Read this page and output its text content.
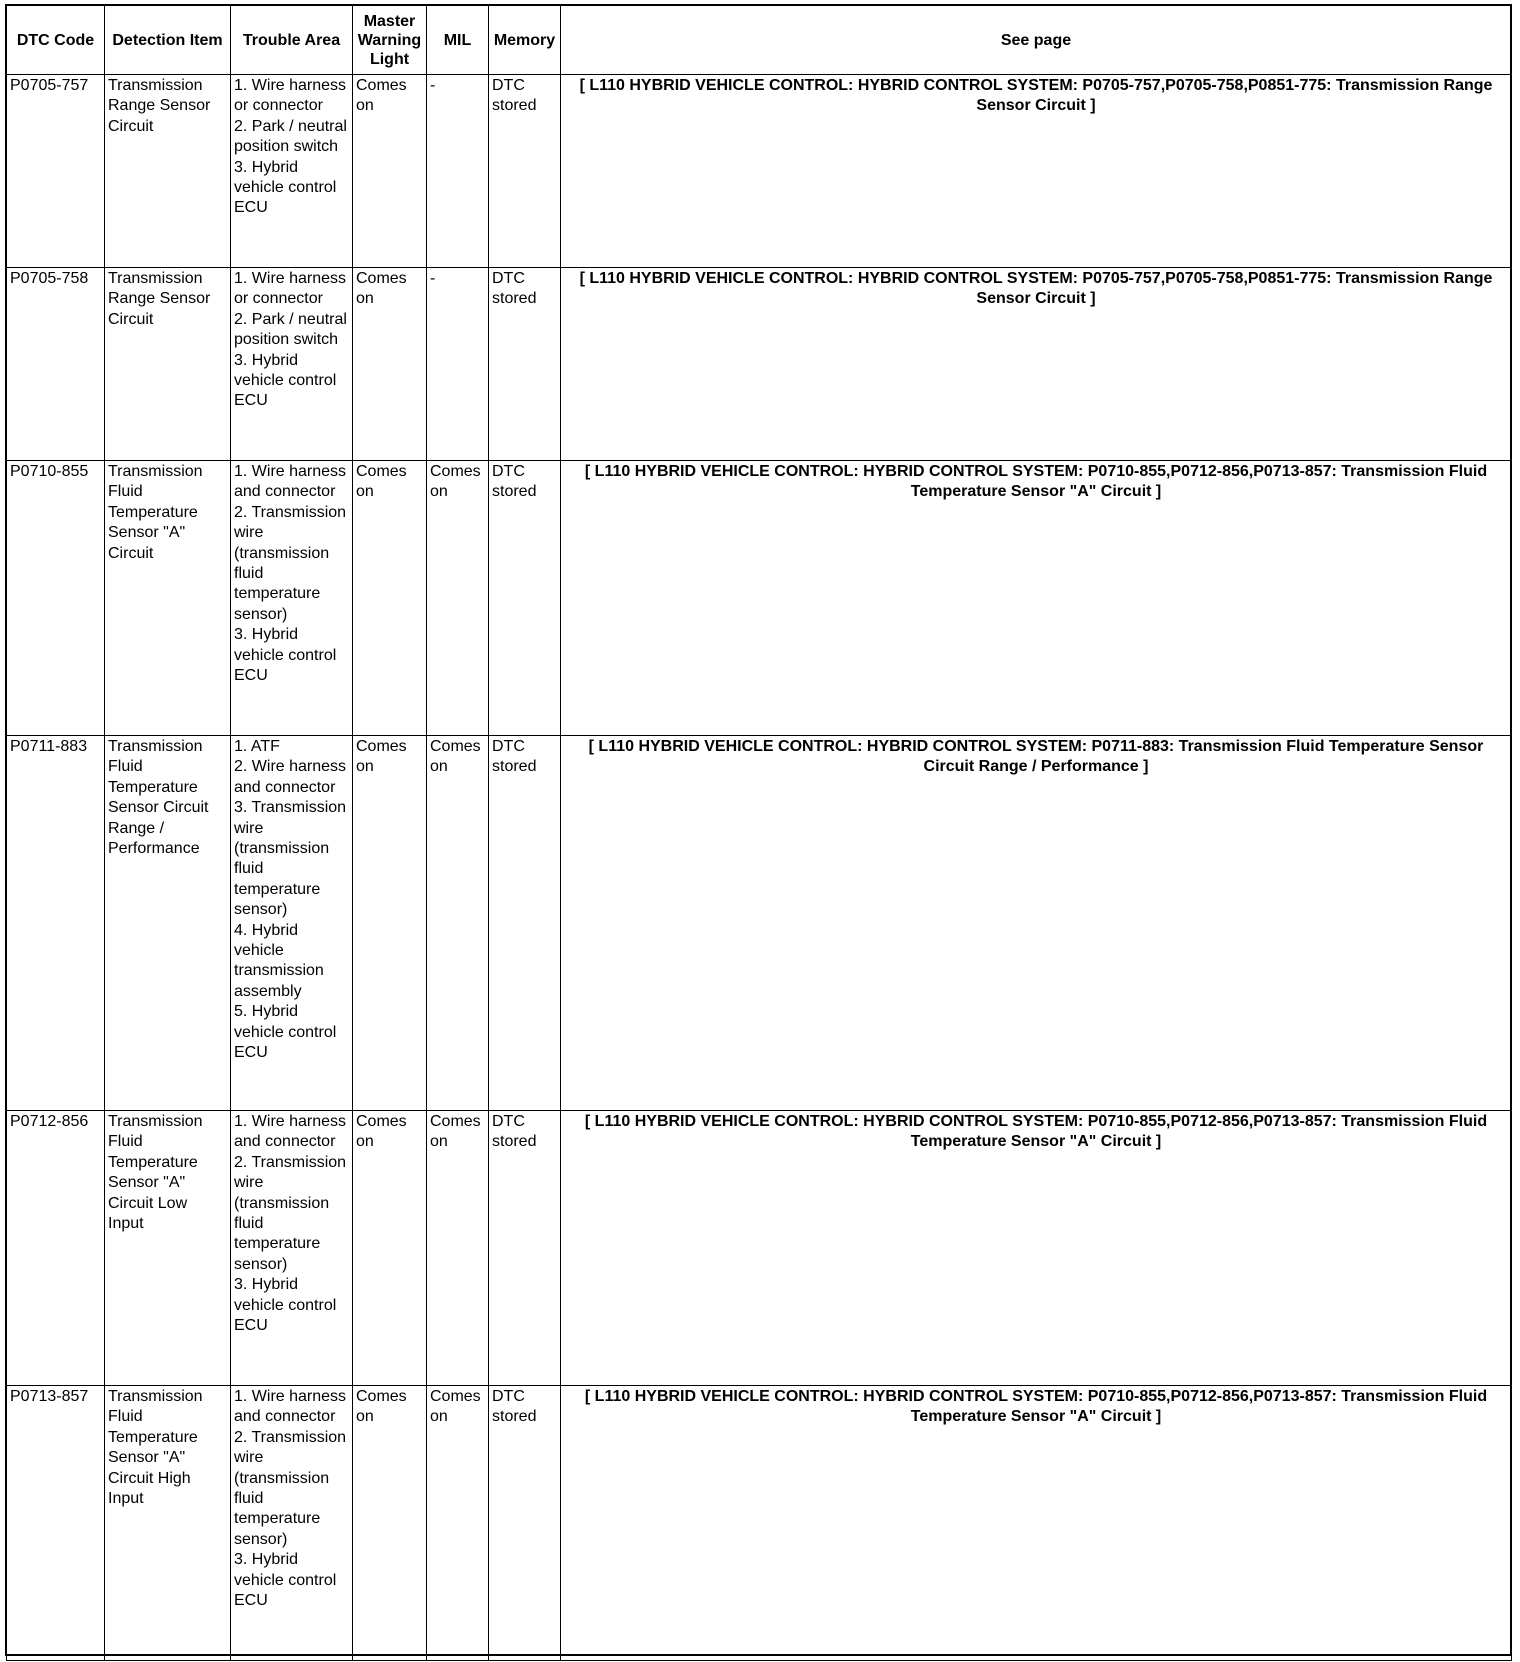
DTC Code	Detection Item	Trouble Area	Master Warning Light	MIL	Memory	See page
P0705-757	Transmission Range Sensor Circuit	1. Wire harness or connector
2. Park / neutral position switch
3. Hybrid vehicle control ECU	Comes on	-	DTC stored	[ L110 HYBRID VEHICLE CONTROL: HYBRID CONTROL SYSTEM: P0705-757,P0705-758,P0851-775: Transmission Range Sensor Circuit ]
P0705-758	Transmission Range Sensor Circuit	1. Wire harness or connector
2. Park / neutral position switch
3. Hybrid vehicle control ECU	Comes on	-	DTC stored	[ L110 HYBRID VEHICLE CONTROL: HYBRID CONTROL SYSTEM: P0705-757,P0705-758,P0851-775: Transmission Range Sensor Circuit ]
P0710-855	Transmission Fluid Temperature Sensor "A" Circuit	1. Wire harness and connector
2. Transmission wire (transmission fluid temperature sensor)
3. Hybrid vehicle control ECU	Comes on	Comes on	DTC stored	[ L110 HYBRID VEHICLE CONTROL: HYBRID CONTROL SYSTEM: P0710-855,P0712-856,P0713-857: Transmission Fluid Temperature Sensor "A" Circuit ]
P0711-883	Transmission Fluid Temperature Sensor Circuit Range / Performance	1. ATF
2. Wire harness and connector
3. Transmission wire (transmission fluid temperature sensor)
4. Hybrid vehicle transmission assembly
5. Hybrid vehicle control ECU	Comes on	Comes on	DTC stored	[ L110 HYBRID VEHICLE CONTROL: HYBRID CONTROL SYSTEM: P0711-883: Transmission Fluid Temperature Sensor Circuit Range / Performance ]
P0712-856	Transmission Fluid Temperature Sensor "A" Circuit Low Input	1. Wire harness and connector
2. Transmission wire (transmission fluid temperature sensor)
3. Hybrid vehicle control ECU	Comes on	Comes on	DTC stored	[ L110 HYBRID VEHICLE CONTROL: HYBRID CONTROL SYSTEM: P0710-855,P0712-856,P0713-857: Transmission Fluid Temperature Sensor "A" Circuit ]
P0713-857	Transmission Fluid Temperature Sensor "A" Circuit High Input	1. Wire harness and connector
2. Transmission wire (transmission fluid temperature sensor)
3. Hybrid vehicle control ECU	Comes on	Comes on	DTC stored	[ L110 HYBRID VEHICLE CONTROL: HYBRID CONTROL SYSTEM: P0710-855,P0712-856,P0713-857: Transmission Fluid Temperature Sensor "A" Circuit ]
